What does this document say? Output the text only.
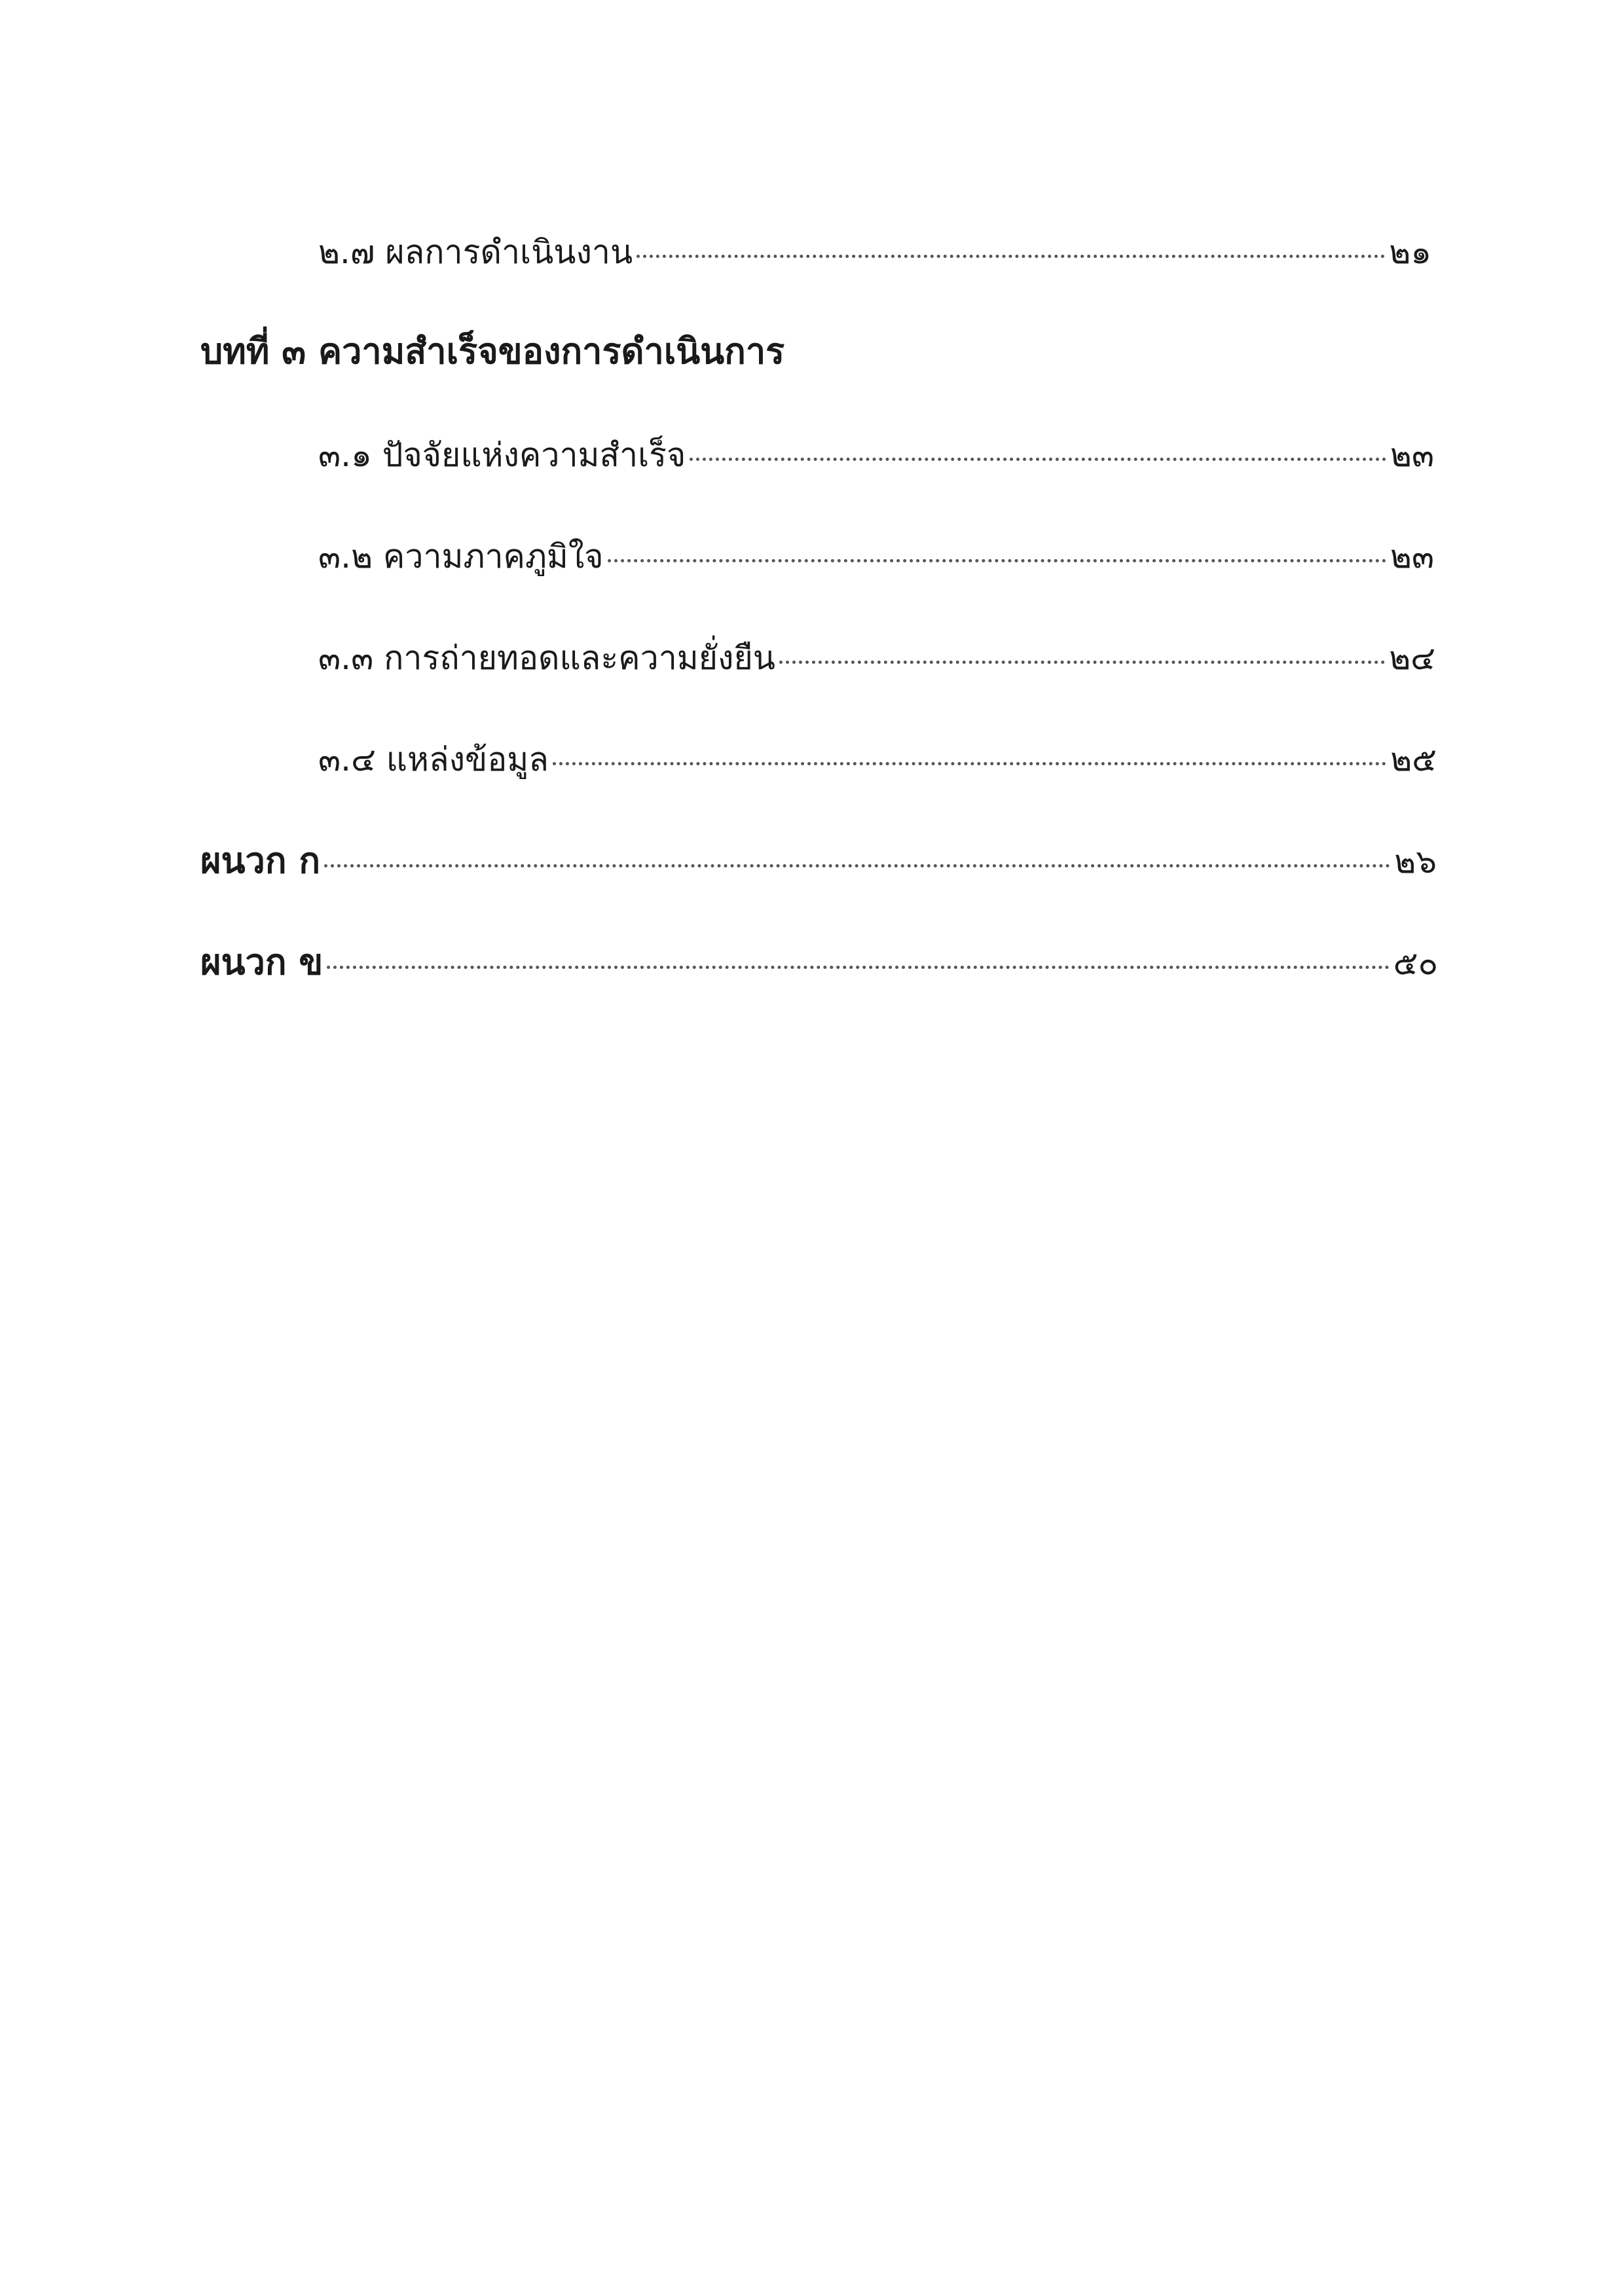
๒.๗ ผลการดำเนินงาน	๒๑
บทที่ ๓ ความสำเร็จของการดำเนินการ
๓.๑ ปัจจัยแห่งความสำเร็จ	๒๓
๓.๒ ความภาคภูมิใจ	๒๓
๓.๓ การถ่ายทอดและความยั่งยืน	๒๔
๓.๔ แหล่งข้อมูล	๒๕
ผนวก ก	๒๖
ผนวก ข	๕๐
